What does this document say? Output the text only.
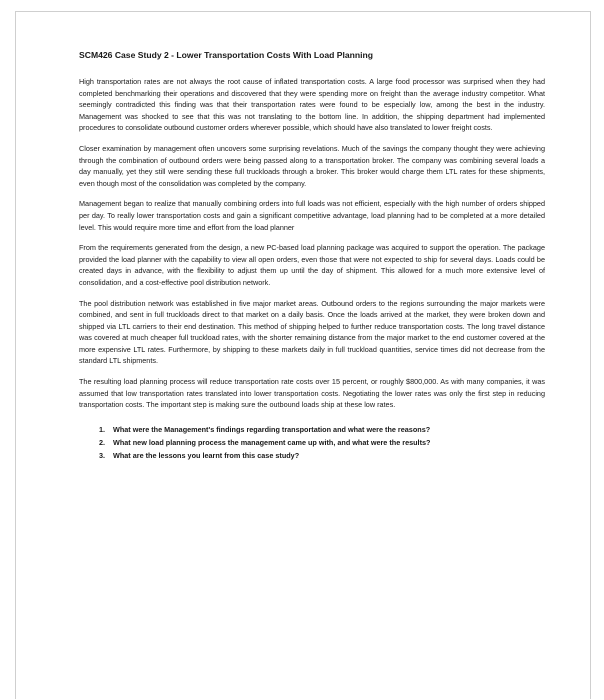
SCM426 Case Study 2 - Lower Transportation Costs With Load Planning

High transportation rates are not always the root cause of inflated transportation costs. A large food processor was surprised when they had completed benchmarking their operations and discovered that they were spending more on freight than the average industry competitor. What seemingly contradicted this finding was that their transportation rates were found to be especially low, among the best in the industry. Management was shocked to see that this was not translating to the bottom line. In addition, the shipping department had implemented procedures to consolidate outbound customer orders wherever possible, which should have also translated to lower freight costs.

Closer examination by management often uncovers some surprising revelations. Much of the savings the company thought they were achieving through the combination of outbound orders were being passed along to a transportation broker. The company was combining several loads a day manually, yet they still were sending these full truckloads through a broker. This broker would charge them LTL rates for these shipments, even though most of the consolidation was completed by the company.

Management began to realize that manually combining orders into full loads was not efficient, especially with the high number of orders shipped per day. To really lower transportation costs and gain a significant competitive advantage, load planning had to be completed at a more detailed level. This would require more time and effort from the load planner

From the requirements generated from the design, a new PC-based load planning package was acquired to support the operation. The package provided the load planner with the capability to view all open orders, even those that were not expected to ship for several days. Loads could be created days in advance, with the flexibility to adjust them up until the day of shipment. This allowed for a much more extensive level of consolidation, and a cost-effective pool distribution network.

The pool distribution network was established in five major market areas. Outbound orders to the regions surrounding the major markets were combined, and sent in full truckloads direct to that market on a daily basis. Once the loads arrived at the market, they were broken down and shipped via LTL carriers to their end destination. This method of shipping helped to further reduce transportation costs. The long travel distance was covered at much cheaper full truckload rates, with the shorter remaining distance from the major market to the end customer covered at the more expensive LTL rates. Furthermore, by shipping to these markets daily in full truckload quantities, service times did not decrease from the standard LTL shipments.

The resulting load planning process will reduce transportation rate costs over 15 percent, or roughly $800,000. As with many companies, it was assumed that low transportation rates translated into lower transportation costs. Negotiating the lower rates was only the first step in reducing transportation costs. The important step is making sure the outbound loads ship at these low rates.

1.	What were the Management's findings regarding transportation and what were the reasons?
2.	What new load planning process the management came up with, and what were the results?
3.	What are the lessons you learnt from this case study?
